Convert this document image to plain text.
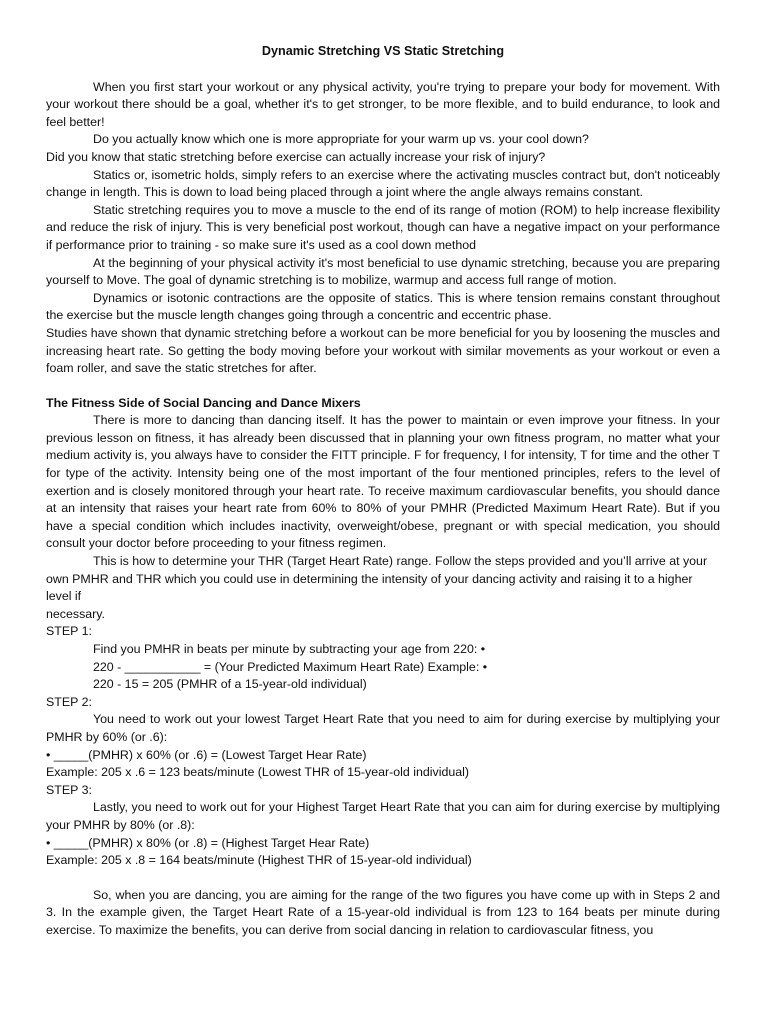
Dynamic Stretching VS Static Stretching

When you first start your workout or any physical activity, you're trying to prepare your body for movement. With your workout there should be a goal, whether it's to get stronger, to be more flexible, and to build endurance, to look and feel better!

Do you actually know which one is more appropriate for your warm up vs. your cool down?

Did you know that static stretching before exercise can actually increase your risk of injury?

Statics or, isometric holds, simply refers to an exercise where the activating muscles contract but, don't noticeably change in length. This is down to load being placed through a joint where the angle always remains constant.

Static stretching requires you to move a muscle to the end of its range of motion (ROM) to help increase flexibility and reduce the risk of injury. This is very beneficial post workout, though can have a negative impact on your performance if performance prior to training - so make sure it's used as a cool down method

At the beginning of your physical activity it's most beneficial to use dynamic stretching, because you are preparing yourself to Move. The goal of dynamic stretching is to mobilize, warmup and access full range of motion.

Dynamics or isotonic contractions are the opposite of statics. This is where tension remains constant throughout the exercise but the muscle length changes going through a concentric and eccentric phase.

Studies have shown that dynamic stretching before a workout can be more beneficial for you by loosening the muscles and increasing heart rate. So getting the body moving before your workout with similar movements as your workout or even a foam roller, and save the static stretches for after.

The Fitness Side of Social Dancing and Dance Mixers

There is more to dancing than dancing itself. It has the power to maintain or even improve your fitness. In your previous lesson on fitness, it has already been discussed that in planning your own fitness program, no matter what your medium activity is, you always have to consider the FITT principle. F for frequency, I for intensity, T for time and the other T for type of the activity. Intensity being one of the most important of the four mentioned principles, refers to the level of exertion and is closely monitored through your heart rate. To receive maximum cardiovascular benefits, you should dance at an intensity that raises your heart rate from 60% to 80% of your PMHR (Predicted Maximum Heart Rate). But if you have a special condition which includes inactivity, overweight/obese, pregnant or with special medication, you should consult your doctor before proceeding to your fitness regimen.

This is how to determine your THR (Target Heart Rate) range. Follow the steps provided and you’ll arrive at your own PMHR and THR which you could use in determining the intensity of your dancing activity and raising it to a higher level if

necessary.

STEP 1:

Find you PMHR in beats per minute by subtracting your age from 220: •

220 - ___________ = (Your Predicted Maximum Heart Rate) Example: •

220 - 15 = 205 (PMHR of a 15-year-old individual)

STEP 2:

You need to work out your lowest Target Heart Rate that you need to aim for during exercise by multiplying your PMHR by 60% (or .6):

• _____(PMHR) x 60% (or .6) = (Lowest Target Hear Rate)

Example: 205 x .6 = 123 beats/minute (Lowest THR of 15-year-old individual)

STEP 3:

Lastly, you need to work out for your Highest Target Heart Rate that you can aim for during exercise by multiplying your PMHR by 80% (or .8):

• _____(PMHR) x 80% (or .8) = (Highest Target Hear Rate)

Example: 205 x .8 = 164 beats/minute (Highest THR of 15-year-old individual)

So, when you are dancing, you are aiming for the range of the two figures you have come up with in Steps 2 and 3. In the example given, the Target Heart Rate of a 15-year-old individual is from 123 to 164 beats per minute during exercise. To maximize the benefits, you can derive from social dancing in relation to cardiovascular fitness, you
